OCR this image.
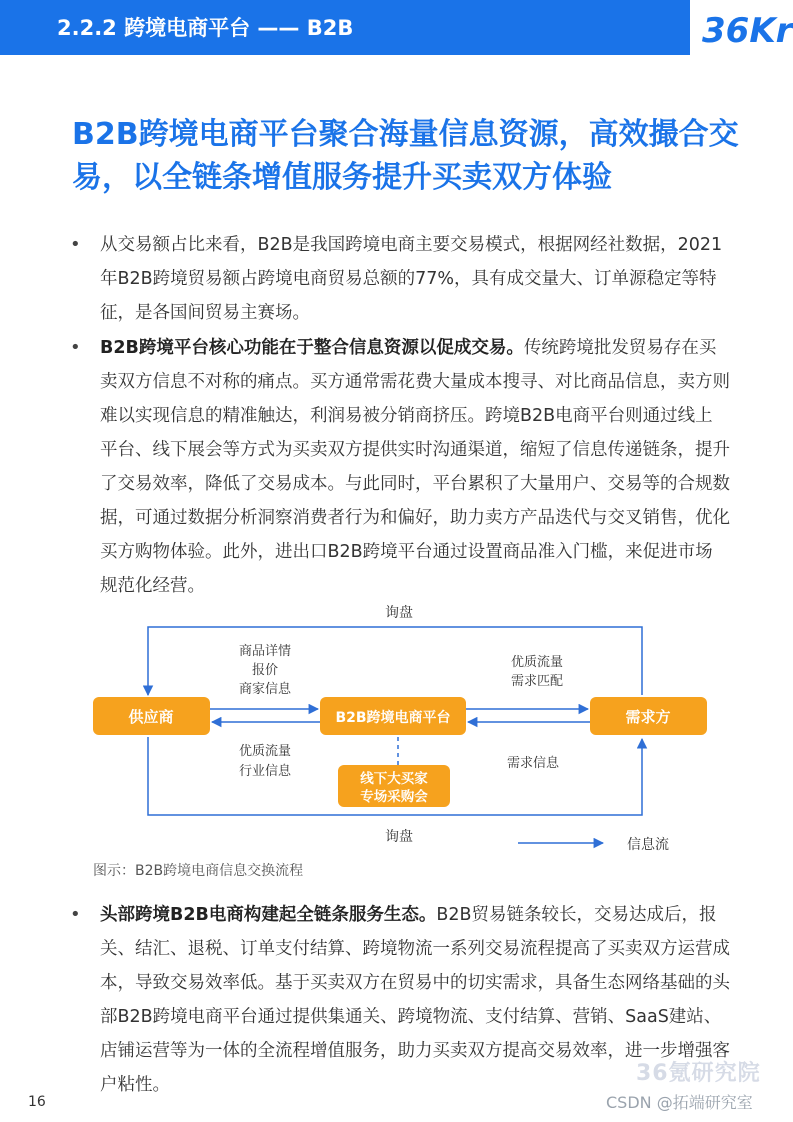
2.2.2 跨境电商平台 —— B2B	36Kr
B2B跨境电商平台聚合海量信息资源，高效撮合交易，以全链条增值服务提升买卖双方体验

• 从交易额占比来看，B2B是我国跨境电商主要交易模式，根据网经社数据，2021年B2B跨境贸易额占跨境电商贸易总额的77%，具有成交量大、订单源稳定等特征，是各国间贸易主赛场。

• B2B跨境平台核心功能在于整合信息资源以促成交易。传统跨境批发贸易存在买卖双方信息不对称的痛点。买方通常需花费大量成本搜寻、对比商品信息，卖方则难以实现信息的精准触达，利润易被分销商挤压。跨境B2B电商平台则通过线上平台、线下展会等方式为买卖双方提供实时沟通渠道，缩短了信息传递链条，提升了交易效率，降低了交易成本。与此同时，平台累积了大量用户、交易等的合规数据，可通过数据分析洞察消费者行为和偏好，助力卖方产品迭代与交叉销售，优化买方购物体验。此外，进出口B2B跨境平台通过设置商品准入门槛，来促进市场规范化经营。

供应商	B2B跨境电商平台	需求方
线下大买家
专场采购会
询盘
询盘
商品详情
报价
商家信息
优质流量
行业信息
优质流量
需求匹配
需求信息
信息流
图示：B2B跨境电商信息交换流程

• 头部跨境B2B电商构建起全链条服务生态。B2B贸易链条较长，交易达成后，报关、结汇、退税、订单支付结算、跨境物流一系列交易流程提高了买卖双方运营成本，导致交易效率低。基于买卖双方在贸易中的切实需求，具备生态网络基础的头部B2B跨境电商平台通过提供集通关、跨境物流、支付结算、营销、SaaS建站、店铺运营等为一体的全流程增值服务，助力买卖双方提高交易效率，进一步增强客户粘性。

16
36氪研究院
CSDN @拓端研究室
